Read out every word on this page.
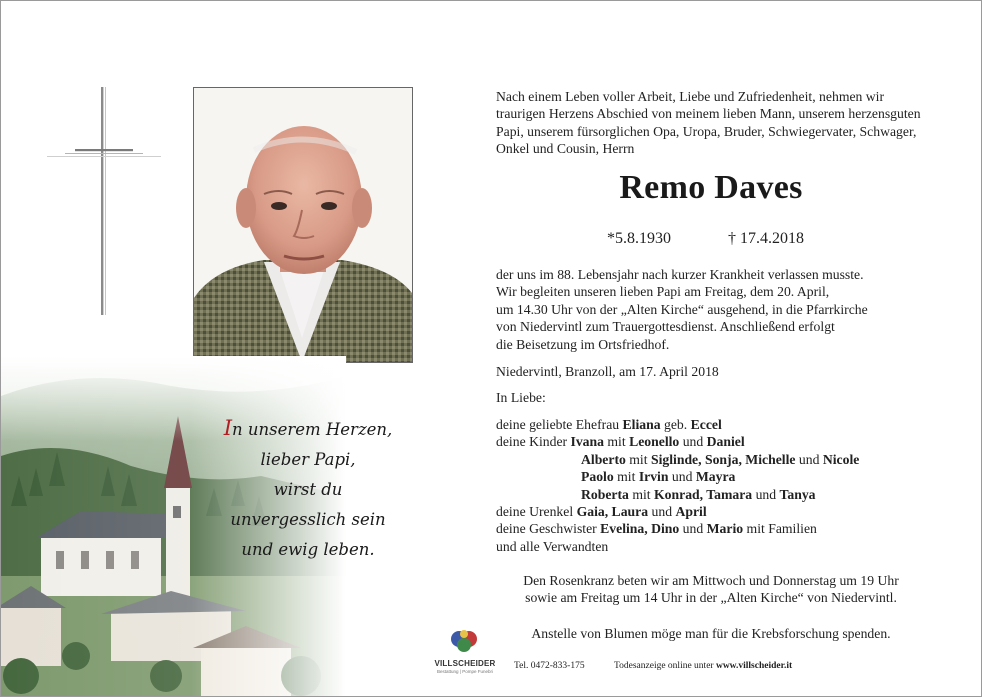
In unserem Herzen,
lieber Papi,
wirst du
unvergesslich sein
und ewig leben.
Nach einem Leben voller Arbeit, Liebe und Zufriedenheit, nehmen wir traurigen Herzens Abschied von meinem lieben Mann, unserem herzensguten Papi, unserem fürsorglichen Opa, Uropa, Bruder, Schwiegervater, Schwager, Onkel und Cousin, Herrn
Remo Daves
*5.8.1930	† 17.4.2018
der uns im 88. Lebensjahr nach kurzer Krankheit verlassen musste.
Wir begleiten unseren lieben Papi am Freitag, dem 20. April,
um 14.30 Uhr von der „Alten Kirche“ ausgehend, in die Pfarrkirche
von Niedervintl zum Trauergottesdienst. Anschließend erfolgt
die Beisetzung im Ortsfriedhof.
Niedervintl, Branzoll, am 17. April 2018
In Liebe:
deine geliebte Ehefrau Eliana geb. Eccel
deine Kinder Ivana mit Leonello und Daniel
Alberto mit Siglinde, Sonja, Michelle und Nicole
Paolo mit Irvin und Mayra
Roberta mit Konrad, Tamara und Tanya
deine Urenkel Gaia, Laura und April
deine Geschwister Evelina, Dino und Mario mit Familien
und alle Verwandten
Den Rosenkranz beten wir am Mittwoch und Donnerstag um 19 Uhr
sowie am Freitag um 14 Uhr in der „Alten Kirche“ von Niedervintl.
Anstelle von Blumen möge man für die Krebsforschung spenden.
VILLSCHEIDER
Bestattung | Pompe Funebri
Tel. 0472-833-175	Todesanzeige online unter www.villscheider.it
